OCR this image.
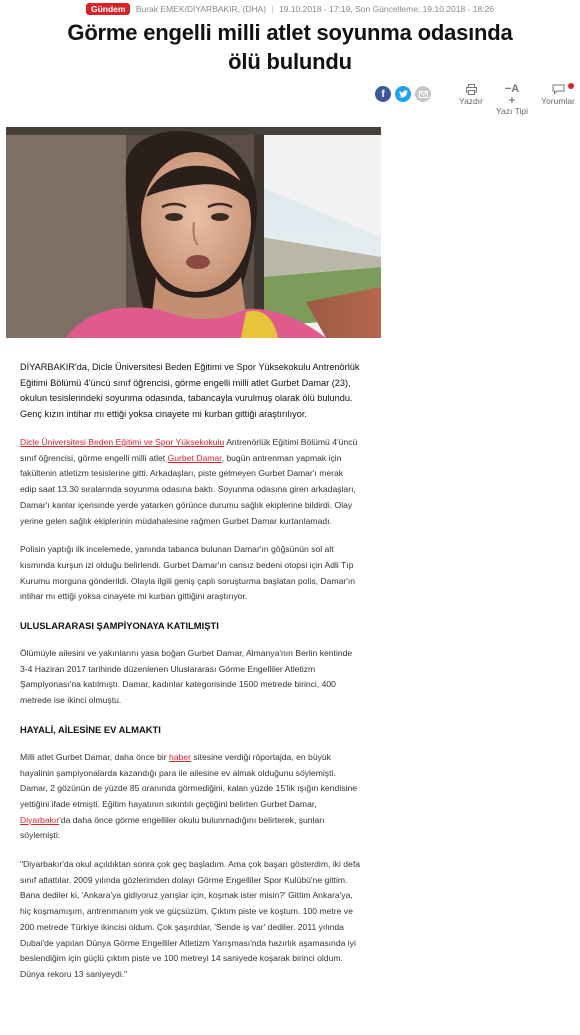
Gündem Burak EMEK/DİYARBAKIR, (DHA) | 19.10.2018 - 17:19, Son Güncelleme: 19.10.2018 - 18:26
Görme engelli milli atlet soyunma odasında ölü bulundu
f
Yazdır
−A
+
Yazı Tipi
Yorumlar

DİYARBAKIR'da, Dicle Üniversitesi Beden Eğitimi ve Spor Yüksekokulu Antrenörlük Eğitimi Bölümü 4'üncü sınıf öğrencisi, görme engelli milli atlet Gurbet Damar (23), okulun tesislerindeki soyunma odasında, tabancayla vurulmuş olarak ölü bulundu. Genç kızın intihar mı ettiği yoksa cinayete mi kurban gittiği araştırılıyor.

Dicle Üniversitesi Beden Eğitimi ve Spor Yüksekokulu Antrenörlük Eğitimi Bölümü 4'üncü sınıf öğrencisi, görme engelli milli atlet Gurbet Damar, bugün antrenman yapmak için fakültenin atletizm tesislerine gitti. Arkadaşları, piste gelmeyen Gurbet Damar'ı merak edip saat 13.30 sıralarında soyunma odasına baktı. Soyunma odasına giren arkadaşları, Damar'ı kanlar içerisinde yerde yatarken görünce durumu sağlık ekiplerine bildirdi. Olay yerine gelen sağlık ekiplerinin müdahalesine rağmen Gurbet Damar kurtarılamadı.

Polisin yaptığı ilk incelemede, yanında tabanca bulunan Damar'ın göğsünün sol alt kısmında kurşun izi olduğu belirlendi. Gurbet Damar'ın cansız bedeni otopsi için Adli Tıp Kurumu morguna gönderildi. Olayla ilgili geniş çaplı soruşturma başlatan polis, Damar'ın intihar mı ettiği yoksa cinayete mi kurban gittiğini araştırıyor.

ULUSLARARASI ŞAMPİYONAYA KATILMIŞTI

Ölümüyle ailesini ve yakınlarını yasa boğan Gurbet Damar, Almanya'nın Berlin kentinde 3-4 Haziran 2017 tarihinde düzenlenen Uluslararası Görme Engelliler Atletizm Şampiyonası'na katılmıştı. Damar, kadınlar kategorisinde 1500 metrede birinci, 400 metrede ise ikinci olmuştu.

HAYALİ, AİLESİNE EV ALMAKTI

Milli atlet Gurbet Damar, daha önce bir haber sitesine verdiği röportajda, en büyük hayalinin şampiyonalarda kazandığı para ile ailesine ev almak olduğunu söylemişti. Damar, 2 gözünün de yüzde 85 oranında görmediğini, kalan yüzde 15'lik ışığın kendisine yettiğini ifade etmişti. Eğitim hayatının sıkıntılı geçtiğini belirten Gurbet Damar, Diyarbakır'da daha önce görme engelliler okulu bulunmadığını belirterek, şunları söylemişti:

"Diyarbakır'da okul açıldıktan sonra çok geç başladım. Ama çok başarı gösterdim, iki defa sınıf atlattılar. 2009 yılında gözlerimden dolayı Görme Engelliler Spor Kulübü'ne gittim. Bana dediler ki, 'Ankara'ya gidiyoruz yarışlar için, koşmak ister misin?' Gittim Ankara'ya, hiç koşmamışım, antrenmanım yok ve güçsüzüm. Çıktım piste ve koştum. 100 metre ve 200 metrede Türkiye ikincisi oldum. Çok şaşırdılar, 'Sende iş var' dediler. 2011 yılında Dubai'de yapılan Dünya Görme Engelliler Atletizm Yarışması'nda hazırlık aşamasında iyi beslendiğim için güçlü çıktım piste ve 100 metreyi 14 saniyede koşarak birinci oldum. Dünya rekoru 13 saniyeydi."
